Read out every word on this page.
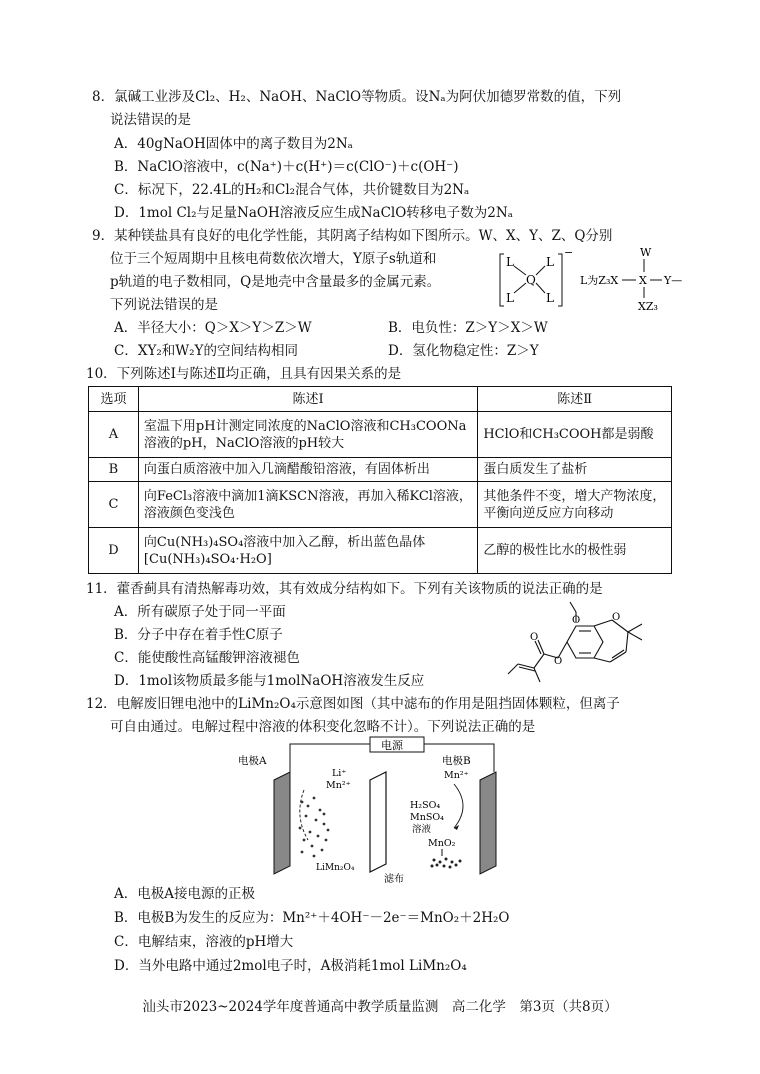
8．氯碱工业涉及Cl₂、H₂、NaOH、NaClO等物质。设Nₐ为阿伏加德罗常数的值，下列
说法错误的是
A．40gNaOH固体中的离子数目为2Nₐ
B．NaClO溶液中，c(Na⁺)＋c(H⁺)＝c(ClO⁻)＋c(OH⁻)
C．标况下，22.4L的H₂和Cl₂混合气体，共价键数目为2Nₐ
D．1mol Cl₂与足量NaOH溶液反应生成NaClO转移电子数为2Nₐ
9．某种镁盐具有良好的电化学性能，其阴离子结构如下图所示。W、X、Y、Z、Q分别
位于三个短周期中且核电荷数依次增大，Y原子s轨道和
p轨道的电子数相同，Q是地壳中含量最多的金属元素。
下列说法错误的是
L	L
L	L
Q
−
L为Z₃X
W
X Y—
XZ₃
A．半径大小：Q＞X＞Y＞Z＞W	B．电负性：Z＞Y＞X＞W
C．XY₂和W₂Y的空间结构相同	D．氢化物稳定性：Z＞Y
10．下列陈述Ⅰ与陈述Ⅱ均正确，且具有因果关系的是
选项	陈述Ⅰ	陈述Ⅱ
A	室温下用pH计测定同浓度的NaClO溶液和CH₃COONa溶液的pH，NaClO溶液的pH较大	HClO和CH₃COOH都是弱酸
B	向蛋白质溶液中加入几滴醋酸铅溶液，有固体析出	蛋白质发生了盐析
C	向FeCl₃溶液中滴加1滴KSCN溶液，再加入稀KCl溶液，溶液颜色变浅色	其他条件不变，增大产物浓度，平衡向逆反应方向移动
D	向Cu(NH₃)₄SO₄溶液中加入乙醇，析出蓝色晶体[Cu(NH₃)₄SO₄·H₂O]	乙醇的极性比水的极性弱
11．藿香蓟具有清热解毒功效，其有效成分结构如下。下列有关该物质的说法正确的是
A．所有碳原子处于同一平面
B．分子中存在着手性C原子
C．能使酸性高锰酸钾溶液褪色
D．1mol该物质最多能与1molNaOH溶液发生反应
O	O
O
O
12．电解废旧锂电池中的LiMn₂O₄示意图如图（其中滤布的作用是阻挡固体颗粒，但离子
可自由通过。电解过程中溶液的体积变化忽略不计）。下列说法正确的是
电源
电极A	电极B
Li⁺
Mn²⁺
LiMn₂O₄
滤布
Mn²⁺
H₂SO₄
MnSO₄
溶液
MnO₂
A．电极A接电源的正极
B．电极B为发生的反应为：Mn²⁺＋4OH⁻－2e⁻＝MnO₂＋2H₂O
C．电解结束，溶液的pH增大
D．当外电路中通过2mol电子时，A极消耗1mol LiMn₂O₄
汕头市2023~2024学年度普通高中教学质量监测　高二化学　第3页（共8页）
